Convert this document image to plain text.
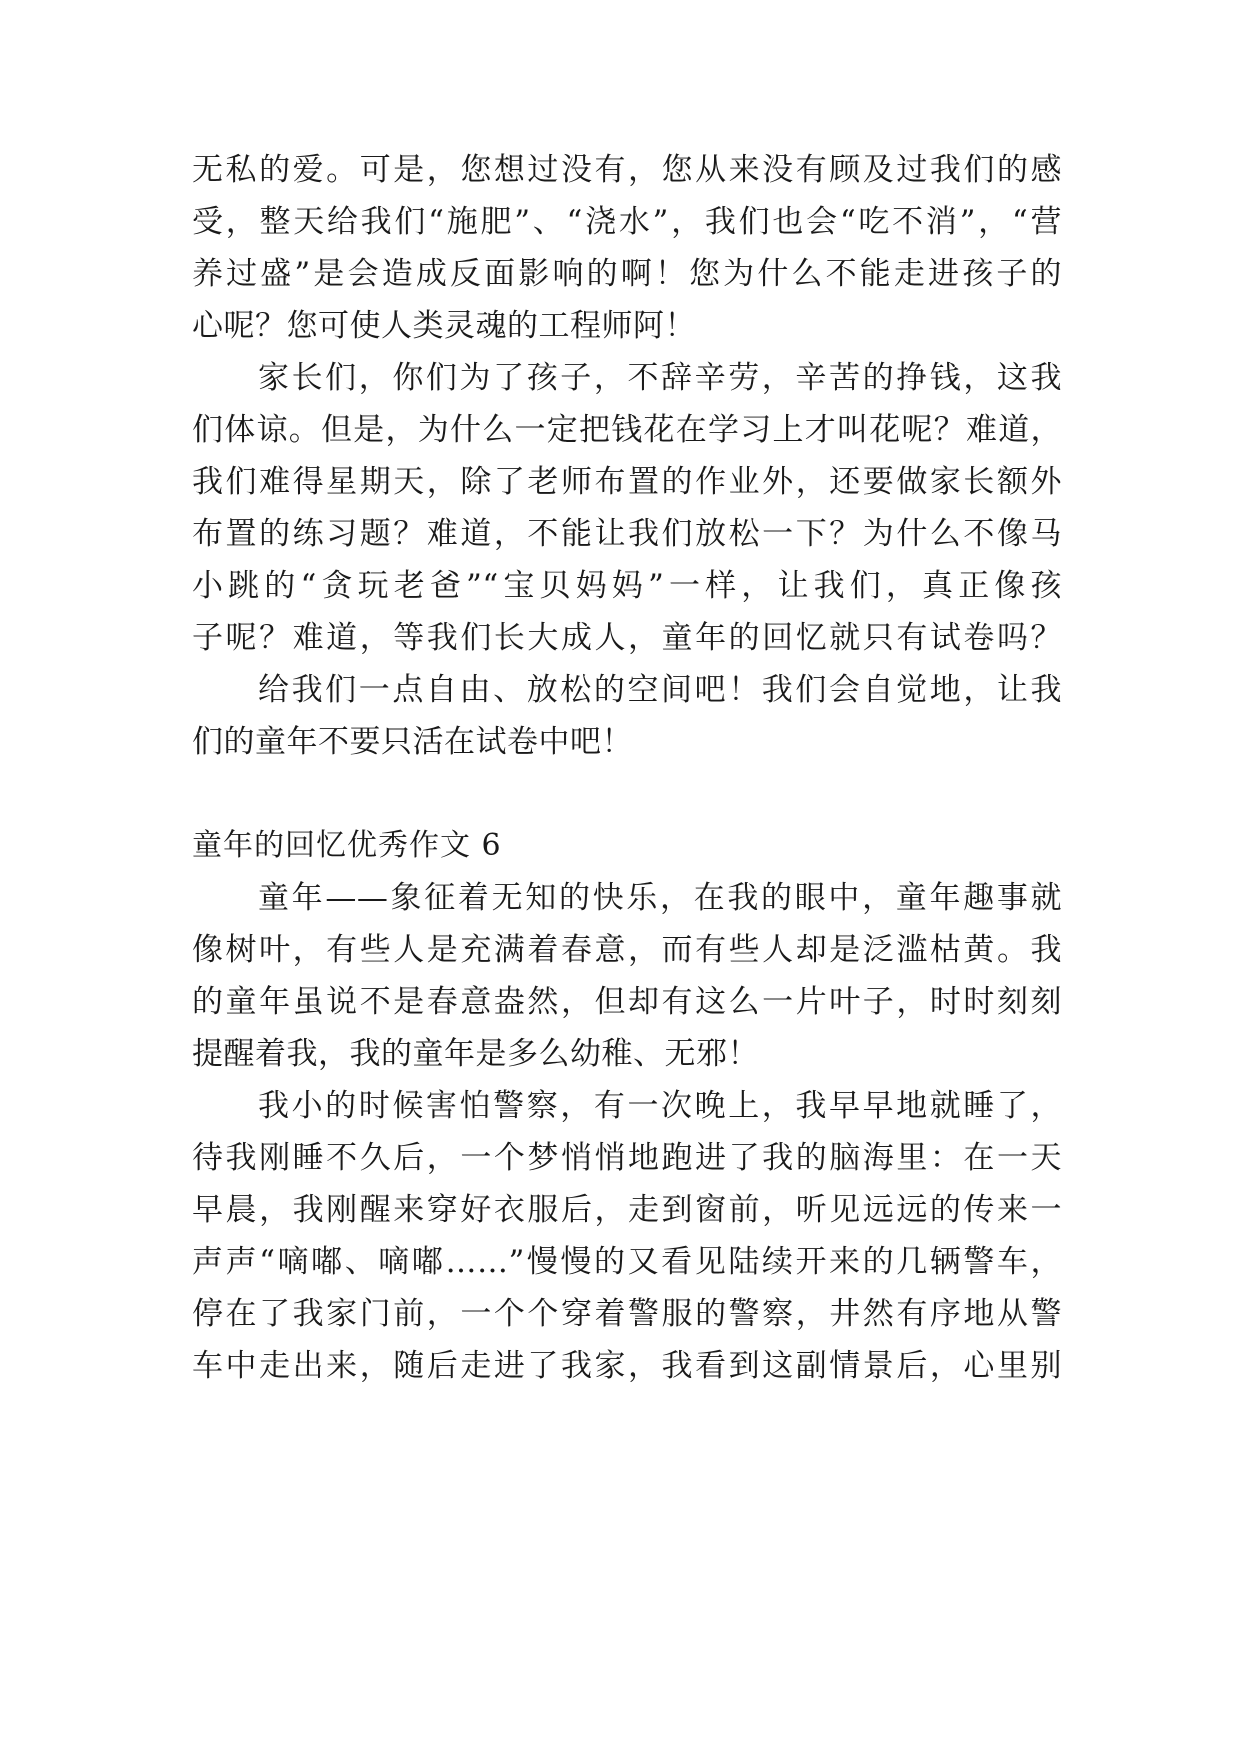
无私的爱。可是，您想过没有，您从来没有顾及过我们的感
受，整天给我们“施肥”、“浇水”，我们也会“吃不消”，“营
养过盛”是会造成反面影响的啊！您为什么不能走进孩子的
心呢？您可使人类灵魂的工程师阿！
家长们，你们为了孩子，不辞辛劳，辛苦的挣钱，这我
们体谅。但是，为什么一定把钱花在学习上才叫花呢？难道，
我们难得星期天，除了老师布置的作业外，还要做家长额外
布置的练习题？难道，不能让我们放松一下？为什么不像马
小跳的“贪玩老爸”“宝贝妈妈”一样，让我们，真正像孩
子呢？难道，等我们长大成人，童年的回忆就只有试卷吗？
给我们一点自由、放松的空间吧！我们会自觉地，让我
们的童年不要只活在试卷中吧！
童年的回忆优秀作文 6
童年——象征着无知的快乐，在我的眼中，童年趣事就
像树叶，有些人是充满着春意，而有些人却是泛滥枯黄。我
的童年虽说不是春意盎然，但却有这么一片叶子，时时刻刻
提醒着我，我的童年是多么幼稚、无邪！
我小的时候害怕警察，有一次晚上，我早早地就睡了，
待我刚睡不久后，一个梦悄悄地跑进了我的脑海里：在一天
早晨，我刚醒来穿好衣服后，走到窗前，听见远远的传来一
声声“嘀嘟、嘀嘟……”慢慢的又看见陆续开来的几辆警车，
停在了我家门前，一个个穿着警服的警察，井然有序地从警
车中走出来，随后走进了我家，我看到这副情景后，心里别
